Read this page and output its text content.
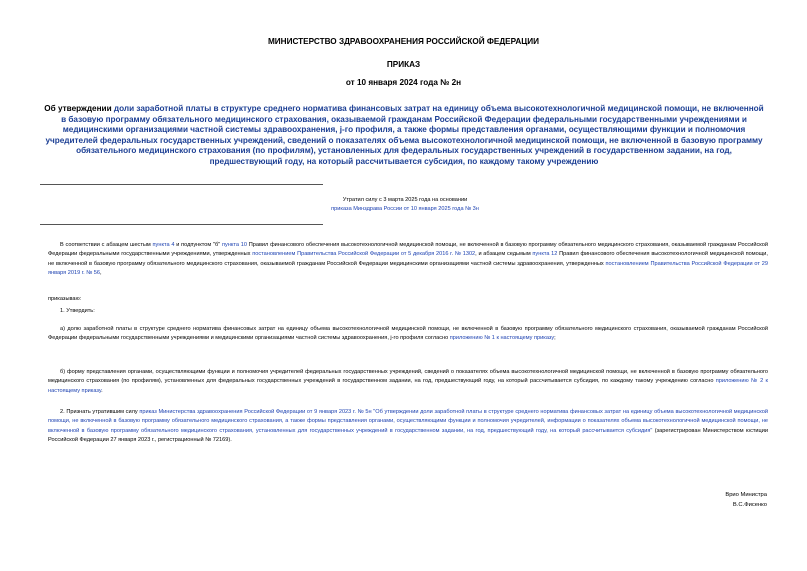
МИНИСТЕРСТВО ЗДРАВООХРАНЕНИЯ РОССИЙСКОЙ ФЕДЕРАЦИИ
ПРИКАЗ
от 10 января 2024 года № 2н
Об утверждении доли заработной платы в структуре среднего норматива финансовых затрат на единицу объема высокотехнологичной медицинской помощи, не включенной в базовую программу обязательного медицинского страхования, оказываемой гражданам Российской Федерации федеральными государственными учреждениями и медицинскими организациями частной системы здравоохранения, j-го профиля, а также формы представления органами, осуществляющими функции и полномочия учредителей федеральных государственных учреждений, сведений о показателях объема высокотехнологичной медицинской помощи, не включенной в базовую программу обязательного медицинского страхования (по профилям), установленных для федеральных государственных учреждений в государственном задании, на год, предшествующий году, на который рассчитывается субсидия, по каждому такому учреждению
Утратил силу с 3 марта 2025 года на основании
приказа Минздрава России от 10 января 2025 года № 3н

В соответствии с абзацем шестым пункта 4 и подпунктом "б" пункта 10 Правил финансового обеспечения высокотехнологичной медицинской помощи, не включенной в базовую программу обязательного медицинского страхования, оказываемой гражданам Российской Федерации федеральными государственными учреждениями, утвержденных постановлением Правительства Российской Федерации от 5 декабря 2016 г. № 1302, и абзацем седьмым пункта 12 Правил финансового обеспечения высокотехнологичной медицинской помощи, не включенной в базовую программу обязательного медицинского страхования, оказываемой гражданам Российской Федерации медицинскими организациями частной системы здравоохранения, утвержденных постановлением Правительства Российской Федерации от 29 января 2019 г. № 56,

приказываю:
1. Утвердить:

а) долю заработной платы в структуре среднего норматива финансовых затрат на единицу объема высокотехнологичной медицинской помощи, не включенной в базовую программу обязательного медицинского страхования, оказываемой гражданам Российской Федерации федеральными государственными учреждениями и медицинскими организациями частной системы здравоохранения, j-го профиля согласно приложению № 1 к настоящему приказу;

б) форму представления органами, осуществляющими функции и полномочия учредителей федеральных государственных учреждений, сведений о показателях объема высокотехнологичной медицинской помощи, не включенной в базовую программу обязательного медицинского страхования (по профилям), установленных для федеральных государственных учреждений в государственном задании, на год, предшествующий году, на который рассчитывается субсидия, по каждому такому учреждению согласно приложению № 2 к настоящему приказу.

2. Признать утратившим силу приказ Министерства здравоохранения Российской Федерации от 9 января 2023 г. № 5н "Об утверждении доли заработной платы в структуре среднего норматива финансовых затрат на единицу объема высокотехнологичной медицинской помощи, не включенной в базовую программу обязательного медицинского страхования, а также формы представления органами, осуществляющими функции и полномочия учредителей, информации о показателях объема высокотехнологичной медицинской помощи, не включенной в базовую программу обязательного медицинского страхования, установленных для государственных учреждений в государственном задании, на год, предшествующий году, на который рассчитывается субсидия" (зарегистрирован Министерством юстиции Российской Федерации 27 января 2023 г., регистрационный № 72169).

Врио Министра
В.С.Фисенко
